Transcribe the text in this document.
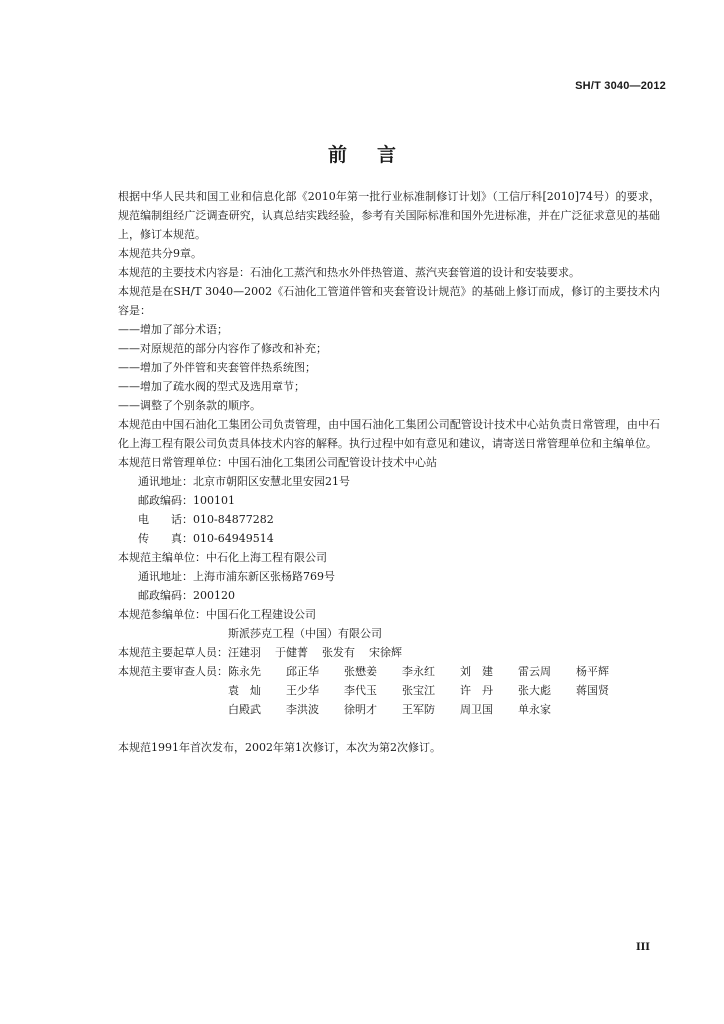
SH/T 3040—2012
前言

根据中华人民共和国工业和信息化部《2010年第一批行业标准制修订计划》（工信厅科[2010]74号）的要求，规范编制组经广泛调查研究，认真总结实践经验，参考有关国际标准和国外先进标准，并在广泛征求意见的基础上，修订本规范。

本规范共分9章。

本规范的主要技术内容是：石油化工蒸汽和热水外伴热管道、蒸汽夹套管道的设计和安装要求。

本规范是在SH/T 3040—2002《石油化工管道伴管和夹套管设计规范》的基础上修订而成，修订的主要技术内容是：

——增加了部分术语；

——对原规范的部分内容作了修改和补充；

——增加了外伴管和夹套管伴热系统图；

——增加了疏水阀的型式及选用章节；

——调整了个别条款的顺序。

本规范由中国石油化工集团公司负责管理，由中国石油化工集团公司配管设计技术中心站负责日常管理，由中石化上海工程有限公司负责具体技术内容的解释。执行过程中如有意见和建议，请寄送日常管理单位和主编单位。

本规范日常管理单位： 中国石油化工集团公司配管设计技术中心站
通讯地址： 北京市朝阳区安慧北里安园21号
邮政编码： 100101
电　　话： 010-84877282
传　　真： 010-64949514
本规范主编单位： 中石化上海工程有限公司
通讯地址： 上海市浦东新区张杨路769号
邮政编码： 200120
本规范参编单位： 中国石化工程建设公司
斯派莎克工程（中国）有限公司
本规范主要起草人员： 汪建羽 于健菁 张发有 宋徐辉
本规范主要审查人员： 陈永先	邱正华	张懋姜	李永红	刘　建	雷云周	杨平辉
袁　灿	王少华	李代玉	张宝江	许　丹	张大彪	蒋国贤
白殿武	李洪波	徐明才	王军防	周卫国	单永家

本规范1991年首次发布，2002年第1次修订，本次为第2次修订。

III
